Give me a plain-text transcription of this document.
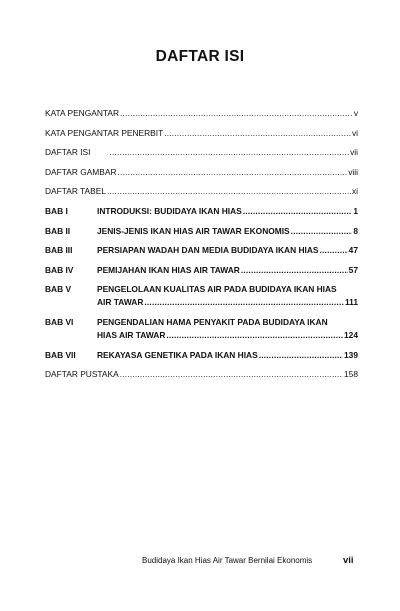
DAFTAR ISI
KATA PENGANTAR .....	v
KATA PENGANTAR PENERBIT .....	vi
DAFTAR ISI .....	vii
DAFTAR GAMBAR .....	viii
DAFTAR TABEL .....	xi
BAB I	INTRODUKSI: BUDIDAYA IKAN HIAS .....	1
BAB II	JENIS-JENIS IKAN HIAS AIR TAWAR EKONOMIS .....	8
BAB III	PERSIAPAN WADAH DAN MEDIA BUDIDAYA IKAN HIAS .....	47
BAB IV	PEMIJAHAN IKAN HIAS AIR TAWAR .....	57
BAB V	PENGELOLAAN KUALITAS AIR PADA BUDIDAYA IKAN HIAS
AIR TAWAR .....	111
BAB VI	PENGENDALIAN HAMA PENYAKIT PADA BUDIDAYA IKAN
HIAS AIR TAWAR .....	124
BAB VII	REKAYASA GENETIKA PADA IKAN HIAS .....	139
DAFTAR PUSTAKA .....	158
Budidaya Ikan Hias Air Tawar Bernilai Ekonomis	vii
